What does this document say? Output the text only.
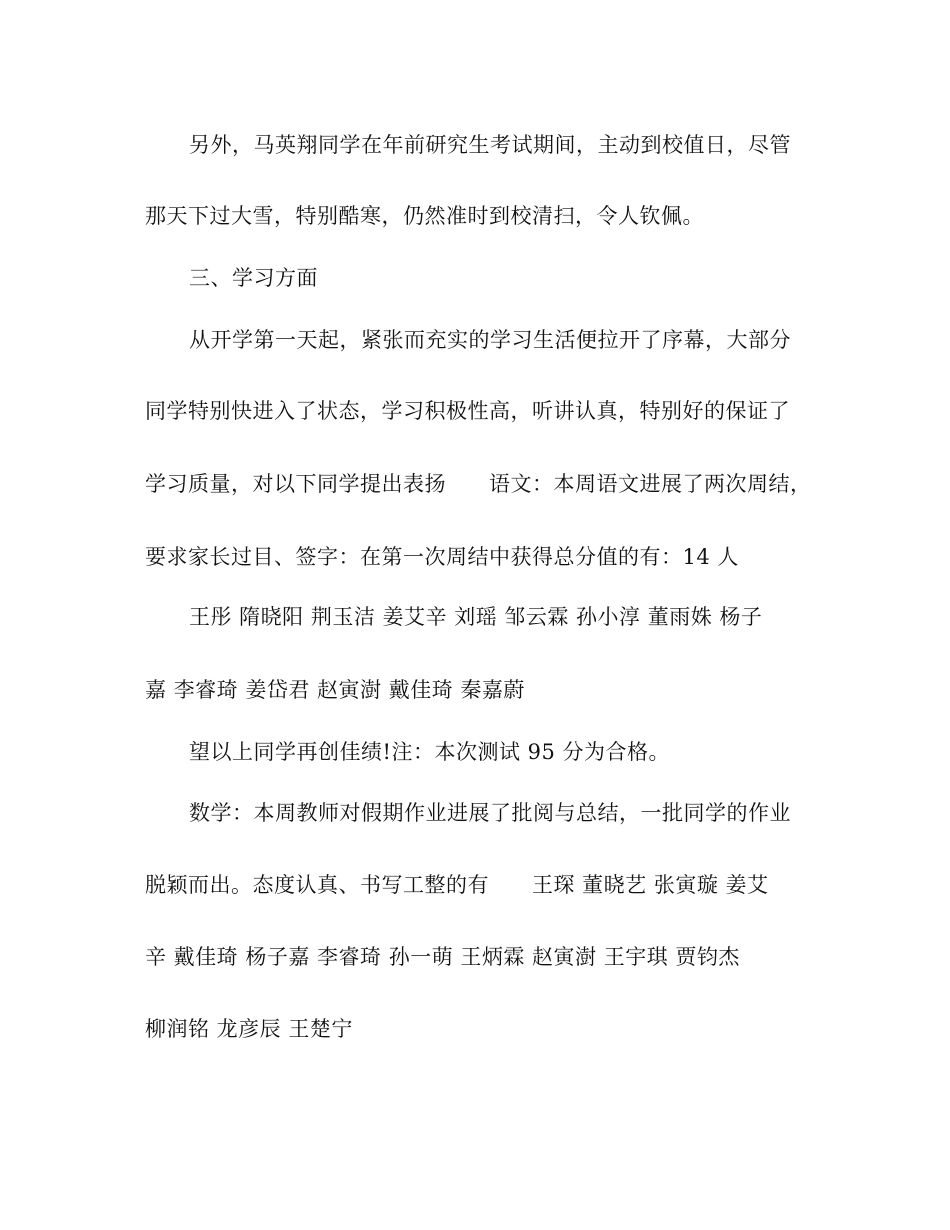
另外，马英翔同学在年前研究生考试期间，主动到校值日，尽管
那天下过大雪，特别酷寒，仍然准时到校清扫，令人钦佩。
三、学习方面
从开学第一天起，紧张而充实的学习生活便拉开了序幕，大部分
同学特别快进入了状态，学习积极性高，听讲认真，特别好的保证了
学习质量，对以下同学提出表扬　　语文：本周语文进展了两次周结，
要求家长过目、签字：在第一次周结中获得总分值的有：14 人
王彤 隋晓阳 荆玉洁 姜艾辛 刘瑶 邹云霖 孙小淳 董雨姝 杨子
嘉 李睿琦 姜岱君 赵寅澍 戴佳琦 秦嘉蔚
望以上同学再创佳绩!注：本次测试 95 分为合格。
数学：本周教师对假期作业进展了批阅与总结，一批同学的作业
脱颖而出。态度认真、书写工整的有　　王琛 董晓艺 张寅璇 姜艾
辛 戴佳琦 杨子嘉 李睿琦 孙一萌 王炳霖 赵寅澍 王宇琪 贾钧杰
柳润铭 龙彦辰 王楚宁
